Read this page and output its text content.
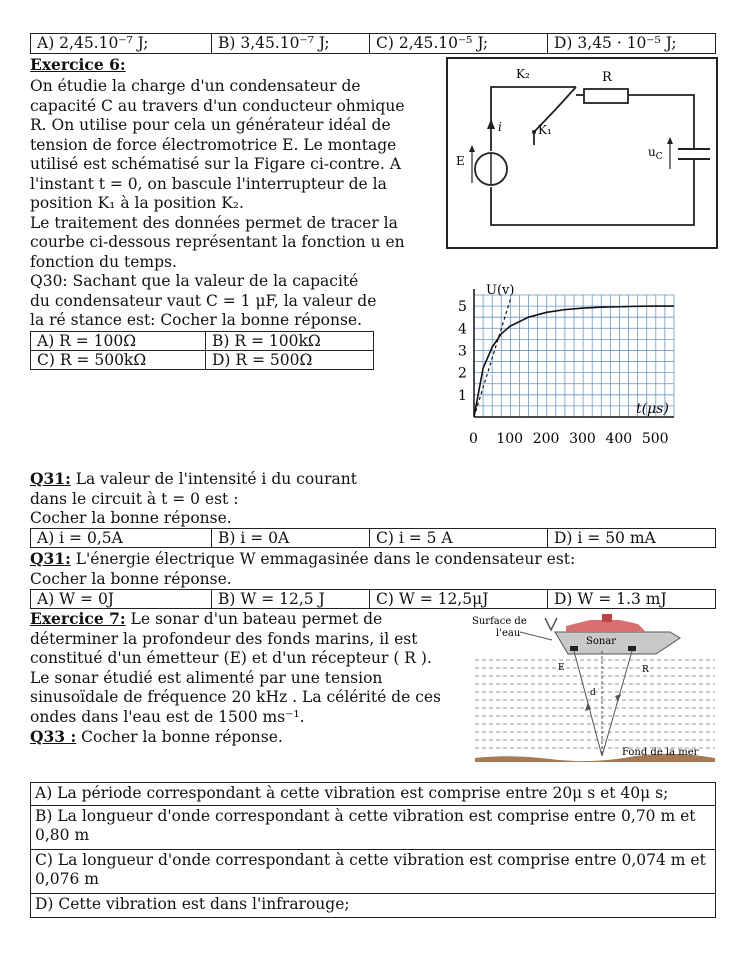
A) 2,45.10⁻⁷ J;	B) 3,45.10⁻⁷ J;	C) 2,45.10⁻⁵ J;	D) 3,45 · 10⁻⁵ J;
Exercice 6:
On étudie la charge d'un condensateur de
capacité C au travers d'un conducteur ohmique
R. On utilise pour cela un générateur idéal de
tension de force électromotrice E. Le montage
utilisé est schématisé sur la Figare ci-contre. A
l'instant t = 0, on bascule l'interrupteur de la
position K₁ à la position K₂.
Le traitement des données permet de tracer la
courbe ci-dessous représentant la fonction u en
fonction du temps.
K₂	R
K₁
i
E
$u_C$
Q30: Sachant que la valeur de la capacité
du condensateur vaut C = 1 μF, la valeur de
la ré stance est: Cocher la bonne réponse.
A) R = 100Ω	B) R = 100kΩ
C) R = 500kΩ	D) R = 500Ω
1
2
3
4
5
0 100 200 300 400 500
U(v)
t(μs)
Q31: La valeur de l'intensité i du courant
dans le circuit à t = 0 est :
Cocher la bonne réponse.
A) i = 0,5A	B) i = 0A	C) i = 5 A	D) i = 50 mA
Q31: L'énergie électrique W emmagasinée dans le condensateur est:
Cocher la bonne réponse.
A) W = 0J	B) W = 12,5 J	C) W = 12,5μJ	D) W = 1.3 mJ
Exercice 7: Le sonar d'un bateau permet de
déterminer la profondeur des fonds marins, il est
constitué d'un émetteur (E) et d'un récepteur ( R ).
Le sonar étudié est alimenté par une tension
sinusoïdale de fréquence 20 kHz . La célérité de ces
ondes dans l'eau est de 1500 ms⁻¹.
Q33 : Cocher la bonne réponse.
Surface de
l'eau
Sonar
E	R
d
Fond de la mer
A) La période correspondant à cette vibration est comprise entre 20μ s et 40μ s;
B) La longueur d'onde correspondant à cette vibration est comprise entre 0,70 m et 0,80 m
C) La longueur d'onde correspondant à cette vibration est comprise entre 0,074 m et 0,076 m
D) Cette vibration est dans l'infrarouge;
